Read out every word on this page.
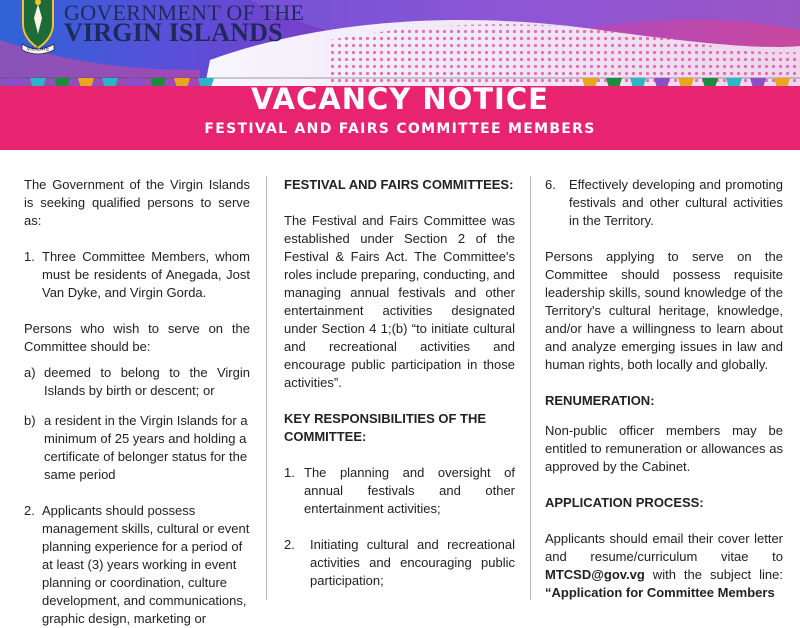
VIGILATE
GOVERNMENT OF THE
VIRGIN ISLANDS
VACANCY NOTICE
FESTIVAL AND FAIRS COMMITTEE MEMBERS

The Government of the Virgin Islands is seeking qualified persons to serve as:

1. Three Committee Members, whom must be residents of Anegada, Jost Van Dyke, and Virgin Gorda.

Persons who wish to serve on the Committee should be:

a) deemed to belong to the Virgin Islands by birth or descent; or
b) a resident in the Virgin Islands for a minimum of 25 years and holding a certificate of belonger status for the same period
2. Applicants should possess management skills, cultural or event planning experience for a period of at least (3) years working in event planning or coordination, culture development, and communications, graphic design, marketing or

FESTIVAL AND FAIRS COMMITTEES:

The Festival and Fairs Committee was established under Section 2 of the Festival & Fairs Act. The Committee's roles include preparing, conducting, and managing annual festivals and other entertainment activities designated under Section 4 1;(b) “to initiate cultural and recreational activities and encourage public participation in those activities”.

KEY RESPONSIBILITIES OF THE COMMITTEE:

1. The planning and oversight of annual festivals and other entertainment activities;
2.	Initiating cultural and recreational activities and encouraging public participation;
6.	Effectively developing and promoting festivals and other cultural activities in the Territory.

Persons applying to serve on the Committee should possess requisite leadership skills, sound knowledge of the Territory's cultural heritage, knowledge, and/or have a willingness to learn about and analyze emerging issues in law and human rights, both locally and globally.

RENUMERATION:

Non-public officer members may be entitled to remuneration or allowances as approved by the Cabinet.

APPLICATION PROCESS:

Applicants should email their cover letter and resume/curriculum vitae to MTCSD@gov.vg with the subject line: “Application for Committee Members
